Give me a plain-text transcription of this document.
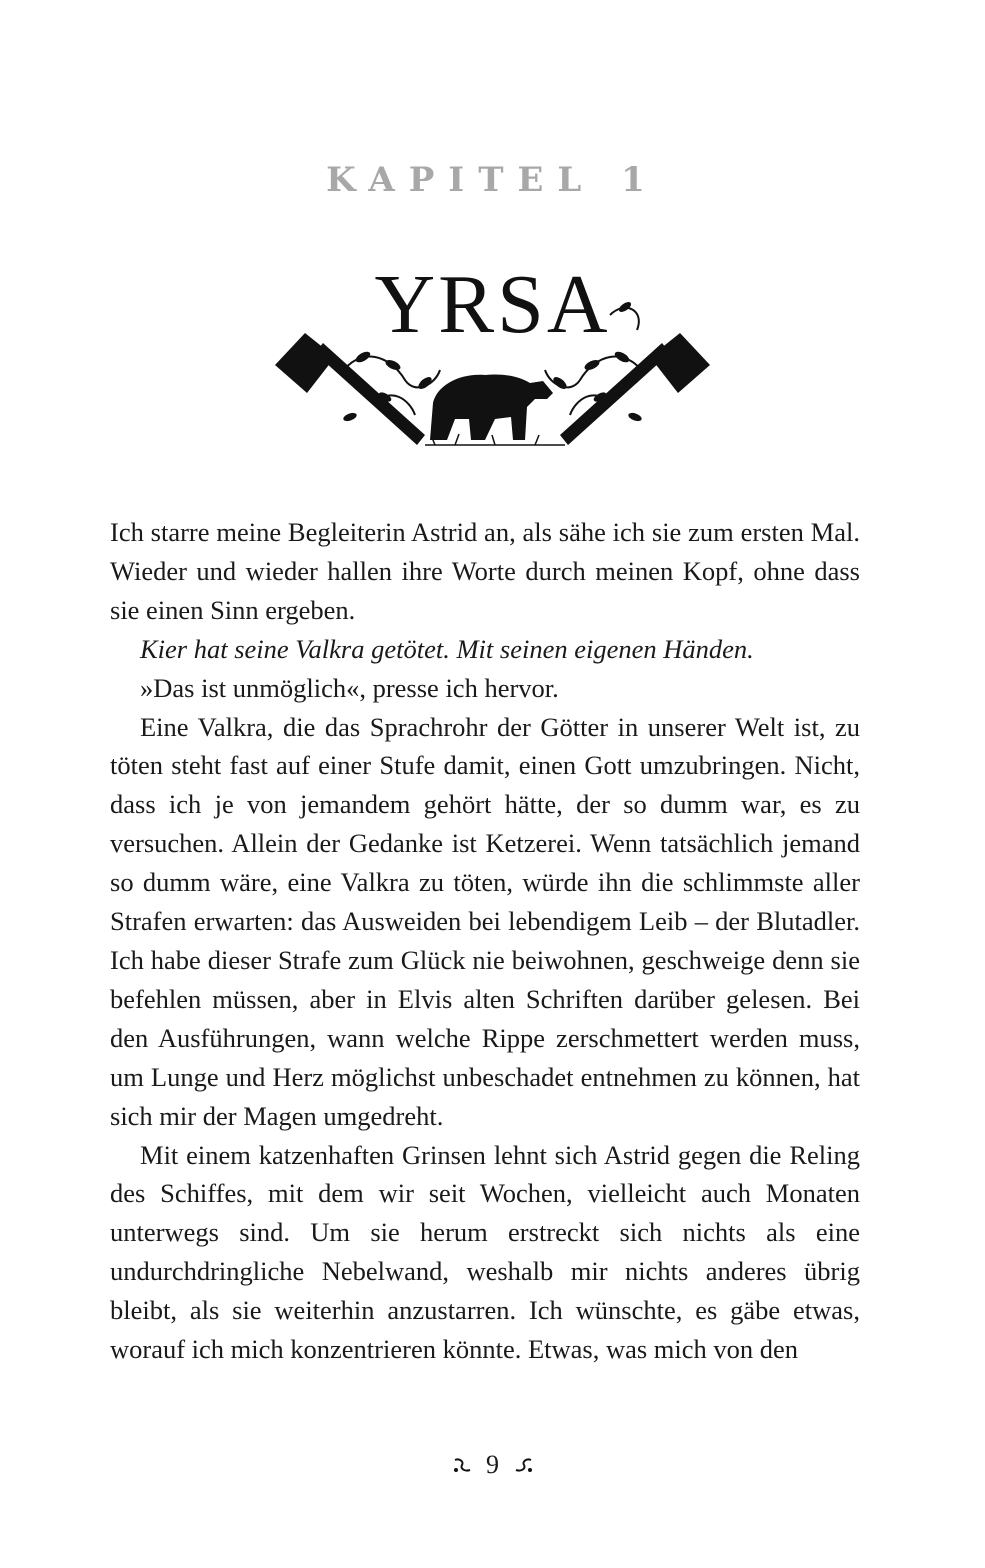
KAPITEL 1
YRSA

Ich starre meine Begleiterin Astrid an, als sähe ich sie zum ersten Mal. Wieder und wieder hallen ihre Worte durch meinen Kopf, ohne dass sie einen Sinn ergeben.

Kier hat seine Valkra getötet. Mit seinen eigenen Händen.

»Das ist unmöglich«, presse ich hervor.

Eine Valkra, die das Sprachrohr der Götter in unserer Welt ist, zu töten steht fast auf einer Stufe damit, einen Gott umzubringen. Nicht, dass ich je von jemandem gehört hätte, der so dumm war, es zu versuchen. Allein der Gedanke ist Ketzerei. Wenn tatsächlich jemand so dumm wäre, eine Valkra zu töten, würde ihn die schlimmste aller Strafen erwarten: das Ausweiden bei lebendigem Leib – der Blutadler. Ich habe dieser Strafe zum Glück nie beiwohnen, geschweige denn sie befehlen müssen, aber in Elvis alten Schriften darüber gelesen. Bei den Ausführungen, wann welche Rippe zerschmettert werden muss, um Lunge und Herz möglichst unbeschadet entnehmen zu können, hat sich mir der Magen umgedreht.

Mit einem katzenhaften Grinsen lehnt sich Astrid gegen die Reling des Schiffes, mit dem wir seit Wochen, vielleicht auch Monaten unterwegs sind. Um sie herum erstreckt sich nichts als eine undurchdringliche Nebelwand, weshalb mir nichts anderes übrig bleibt, als sie weiterhin anzustarren. Ich wünschte, es gäbe etwas, worauf ich mich konzentrieren könnte. Etwas, was mich von den

9
